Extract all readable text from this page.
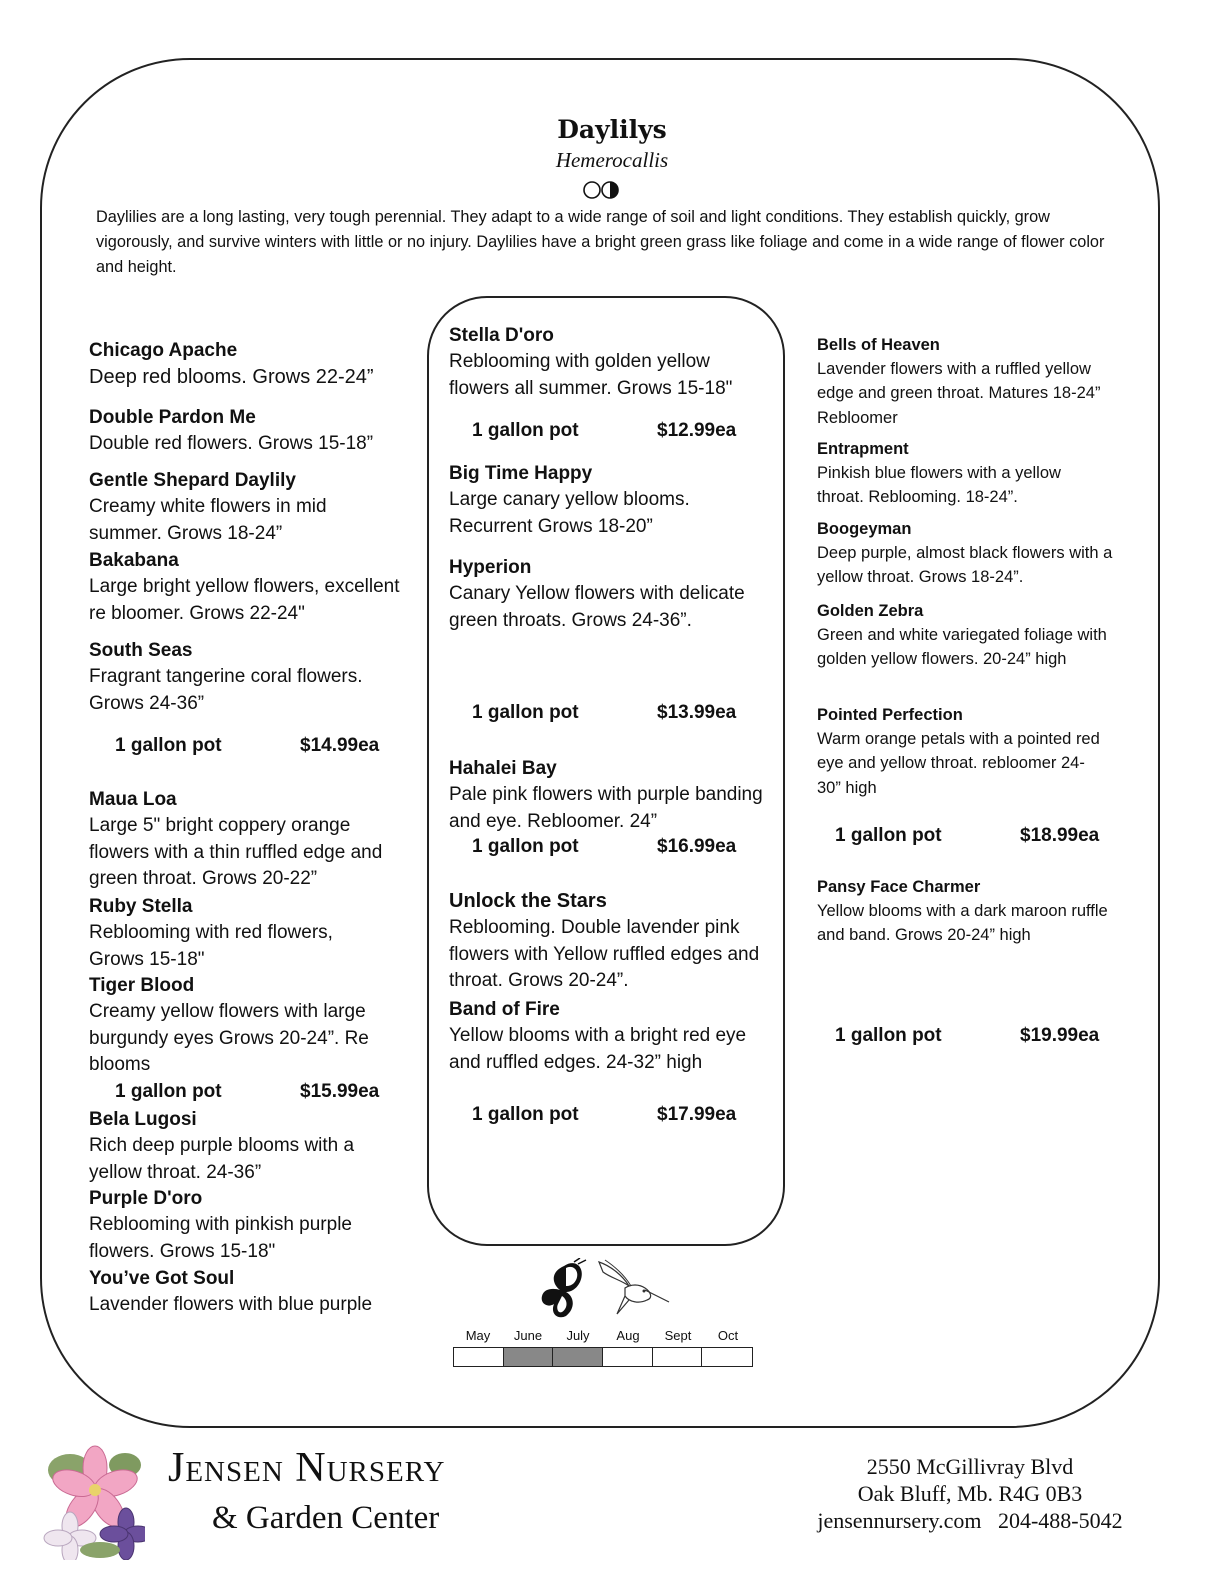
Daylilys
Hemerocallis
Daylilies are a long lasting, very tough perennial. They adapt to a wide range of soil and light conditions. They establish quickly, grow vigorously, and survive winters with little or no injury. Daylilies have a bright green grass like foliage and come in a wide range of flower color and height.
Chicago Apache
Deep red blooms. Grows 22-24”
Double Pardon Me
Double red flowers. Grows 15-18”
Gentle Shepard Daylily
Creamy white flowers in mid summer. Grows 18-24”
Bakabana
Large bright yellow flowers, excellent re bloomer. Grows 22-24"
South Seas
Fragrant tangerine coral flowers. Grows 24-36”
1 gallon pot	$14.99ea
Maua Loa
Large 5" bright coppery orange flowers with a thin ruffled edge and green throat. Grows 20-22”
Ruby Stella
Reblooming with red flowers, Grows 15-18"
Tiger Blood
Creamy yellow flowers with large burgundy eyes Grows 20-24”. Re blooms
1 gallon pot	$15.99ea
Bela Lugosi
Rich deep purple blooms with a yellow throat. 24-36”
Purple D'oro
Reblooming with pinkish purple flowers. Grows 15-18"
You’ve Got Soul
Lavender flowers with blue purple
Stella D'oro
Reblooming with golden yellow flowers all summer. Grows 15-18"
1 gallon pot	$12.99ea
Big Time Happy
Large canary yellow blooms. Recurrent Grows 18-20”
Hyperion
Canary Yellow flowers with delicate green throats. Grows 24-36”.
1 gallon pot	$13.99ea
Hahalei Bay
Pale pink flowers with purple banding and eye. Rebloomer. 24”
1 gallon pot	$16.99ea
Unlock the Stars
Reblooming. Double lavender pink flowers with Yellow ruffled edges and throat. Grows 20-24”.
Band of Fire
Yellow blooms with a bright red eye and ruffled edges. 24-32” high
1 gallon pot	$17.99ea
Bells of Heaven
Lavender flowers with a ruffled yellow edge and green throat. Matures 18-24” Rebloomer
Entrapment
Pinkish blue flowers with a yellow throat. Reblooming. 18-24”.
Boogeyman
Deep purple, almost black flowers with a yellow throat. Grows 18-24”.
Golden Zebra
Green and white variegated foliage with golden yellow flowers. 20-24” high
Pointed Perfection
Warm orange petals with a pointed red eye and yellow throat. rebloomer 24-30” high
1 gallon pot	$18.99ea
Pansy Face Charmer
Yellow blooms with a dark maroon ruffle and band. Grows 20-24” high
1 gallon pot	$19.99ea
May	June	July	Aug	Sept	Oct
Jensen Nursery
& Garden Center
2550 McGillivray Blvd
Oak Bluff, Mb. R4G 0B3
jensennursery.com   204-488-5042
